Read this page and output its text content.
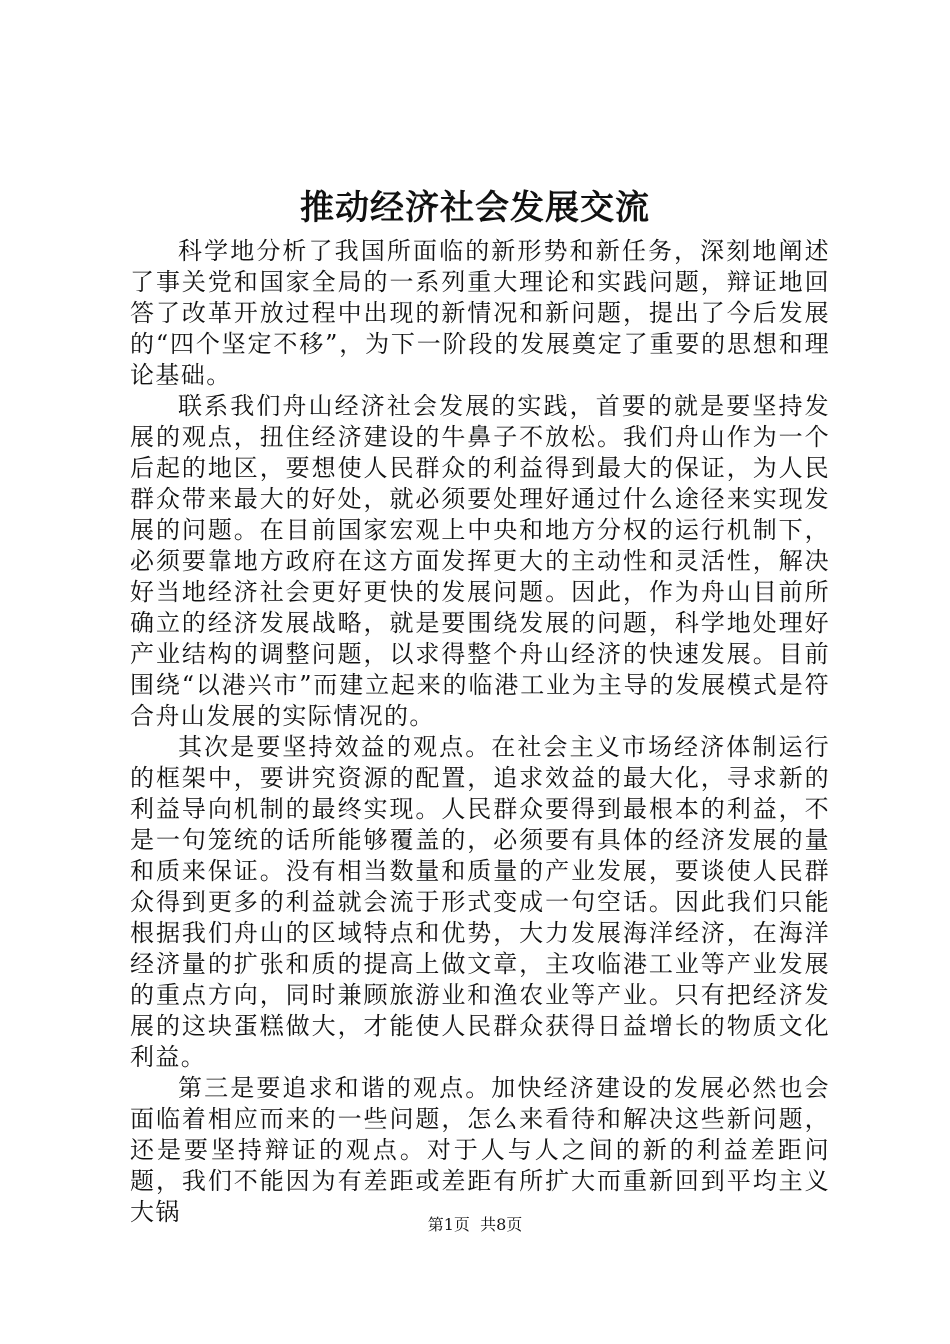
推动经济社会发展交流

科学地分析了我国所面临的新形势和新任务，深刻地阐述了事关党和国家全局的一系列重大理论和实践问题，辩证地回答了改革开放过程中出现的新情况和新问题，提出了今后发展的“四个坚定不移”，为下一阶段的发展奠定了重要的思想和理论基础。

联系我们舟山经济社会发展的实践，首要的就是要坚持发展的观点，扭住经济建设的牛鼻子不放松。我们舟山作为一个后起的地区，要想使人民群众的利益得到最大的保证，为人民群众带来最大的好处，就必须要处理好通过什么途径来实现发展的问题。在目前国家宏观上中央和地方分权的运行机制下，必须要靠地方政府在这方面发挥更大的主动性和灵活性，解决好当地经济社会更好更快的发展问题。因此，作为舟山目前所确立的经济发展战略，就是要围绕发展的问题，科学地处理好产业结构的调整问题，以求得整个舟山经济的快速发展。目前围绕“以港兴市”而建立起来的临港工业为主导的发展模式是符合舟山发展的实际情况的。

其次是要坚持效益的观点。在社会主义市场经济体制运行的框架中，要讲究资源的配置，追求效益的最大化，寻求新的利益导向机制的最终实现。人民群众要得到最根本的利益，不是一句笼统的话所能够覆盖的，必须要有具体的经济发展的量和质来保证。没有相当数量和质量的产业发展，要谈使人民群众得到更多的利益就会流于形式变成一句空话。因此我们只能根据我们舟山的区域特点和优势，大力发展海洋经济，在海洋经济量的扩张和质的提高上做文章，主攻临港工业等产业发展的重点方向，同时兼顾旅游业和渔农业等产业。只有把经济发展的这块蛋糕做大，才能使人民群众获得日益增长的物质文化利益。

第三是要追求和谐的观点。加快经济建设的发展必然也会面临着相应而来的一些问题，怎么来看待和解决这些新问题，还是要坚持辩证的观点。对于人与人之间的新的利益差距问题，我们不能因为有差距或差距有所扩大而重新回到平均主义大锅	第1页 共8页
